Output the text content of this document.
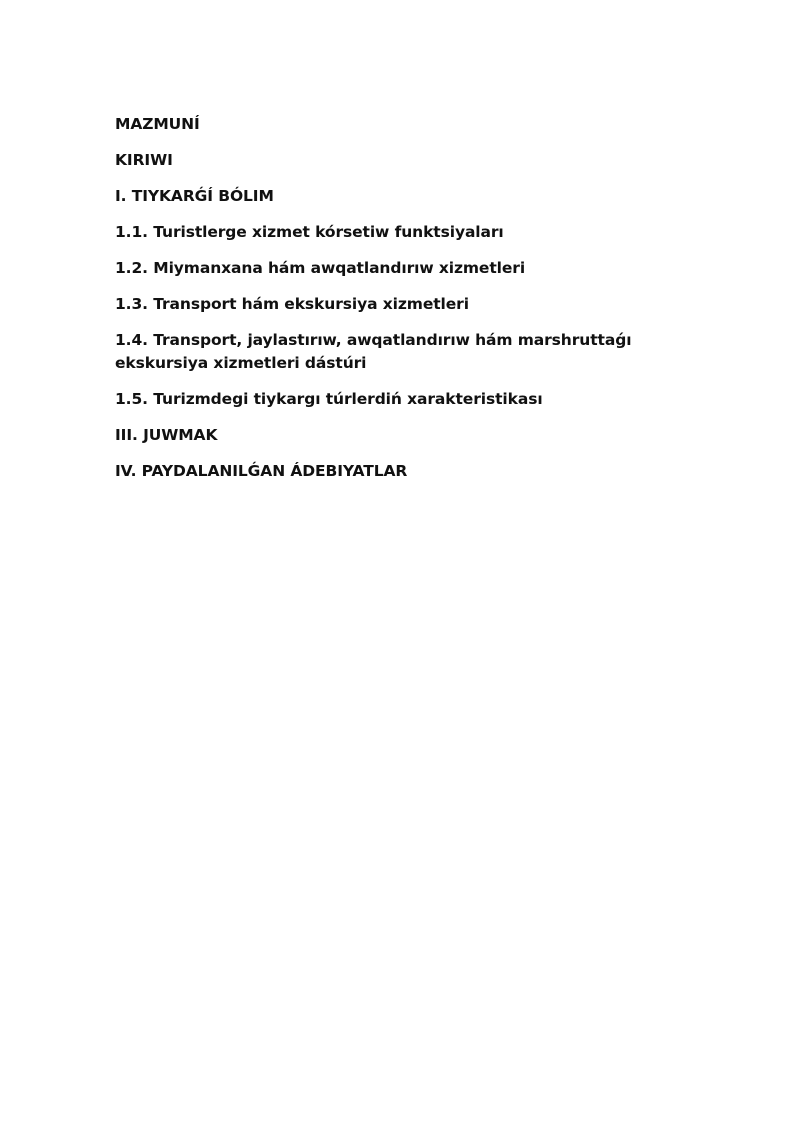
MAZMUNÍ

KIRIWI

I. TIYKARǴÍ BÓLIM

1.1. Turistlerge xizmet kórsetiw funktsiyaları

1.2. Miymanxana hám awqatlandırıw xizmetleri

1.3. Transport hám ekskursiya xizmetleri

1.4. Transport, jaylastırıw, awqatlandırıw hám marshruttaǵı ekskursiya xizmetleri dástúri

1.5. Turizmdegi tiykargı túrlerdiń xarakteristikası

III. JUWMAK

IV. PAYDALANILǴAN ÁDEBIYATLAR
